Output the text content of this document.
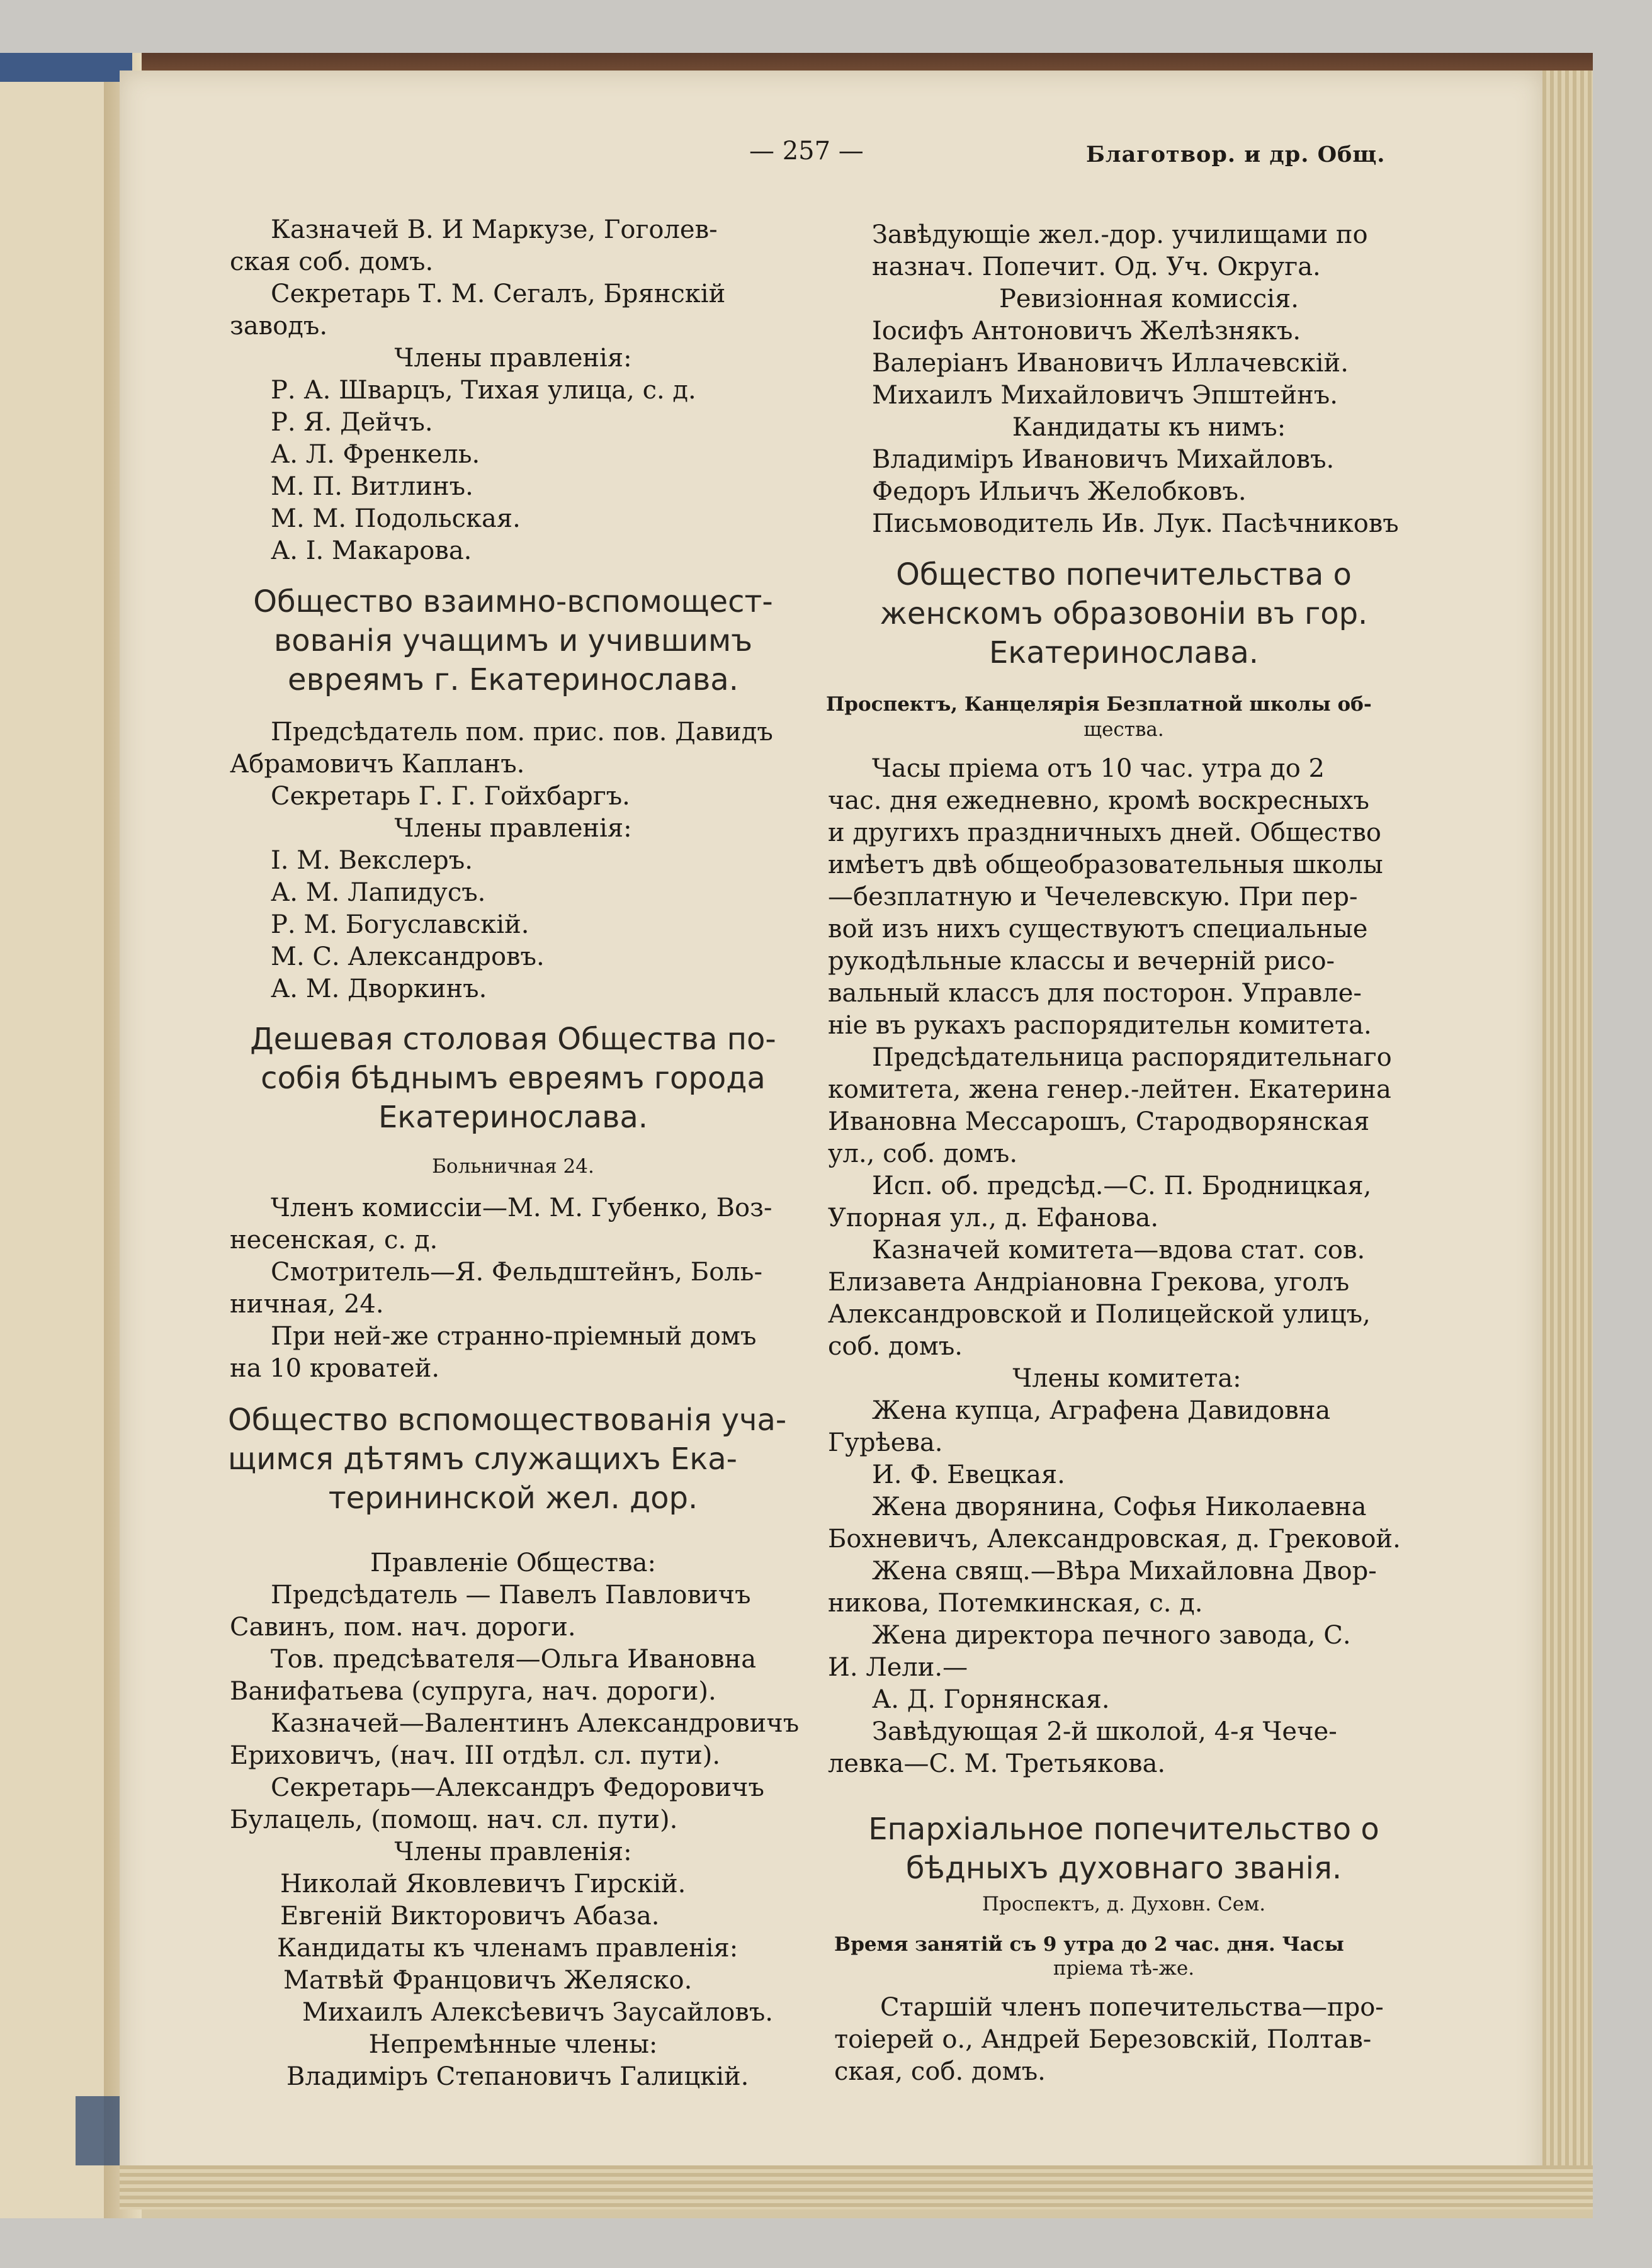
— 257 —	Благотвор. и др. Общ.
Казначей В. И Маркузе, Гоголев-
ская соб. домъ.
Секретарь Т. М. Сегалъ, Брянскiй
заводъ.
Члены правленiя:
Р. А. Шварцъ, Тихая улица, с. д.
Р. Я. Дейчъ.
А. Л. Френкель.
М. П. Витлинъ.
М. М. Подольская.
А. I. Макарова.
Общество взаимно-вспомощест-
вованiя учащимъ и учившимъ
евреямъ г. Екатеринослава.
Предсѣдатель пом. прис. пов. Давидъ
Абрамовичъ Капланъ.
Секретарь Г. Г. Гойхбаргъ.
Члены правленiя:
I. М. Векслеръ.
А. М. Лапидусъ.
Р. М. Богуславскiй.
М. С. Александровъ.
А. М. Дворкинъ.
Дешевая столовая Общества по-
собiя бѣднымъ евреямъ города
Екатеринослава.
Больничная 24.
Членъ комиссiи—М. М. Губенко, Воз-
несенская, с. д.
Смотритель—Я. Фельдштейнъ, Боль-
ничная, 24.
При ней-же странно-прiемный домъ
на 10 кроватей.
Общество вспомоществованiя уча-
щимся дѣтямъ служащихъ Ека-
терининской жел. дор.
Правленiе Общества:
Предсѣдатель — Павелъ Павловичъ
Савинъ, пом. нач. дороги.
Тов. предсѣвателя—Ольга Ивановна
Ванифатьева (супруга, нач. дороги).
Казначей—Валентинъ Александровичъ
Ериховичъ, (нач. III отдѣл. сл. пути).
Секретарь—Александръ Федоровичъ
Булацель, (помощ. нач. сл. пути).
Члены правленiя:
Николай Яковлевичъ Гирскiй.
Евгенiй Викторовичъ Абаза.
Кандидаты къ членамъ правленiя:
Матвѣй Францовичъ Желяско.
Михаилъ Алексѣевичъ Заусайловъ.
Непремѣнные члены:
Владимiръ Степановичъ Галицкiй.
Завѣдующiе жел.-дор. училищами по
назнач. Попечит. Од. Уч. Округа.
Ревизiонная комиссiя.
Iосифъ Антоновичъ Желѣзнякъ.
Валерiанъ Ивановичъ Иллачевскiй.
Михаилъ Михайловичъ Эпштейнъ.
Кандидаты къ нимъ:
Владимiръ Ивановичъ Михайловъ.
Федоръ Ильичъ Желобковъ.
Письмоводитель Ив. Лук. Пасѣчниковъ
Общество попечительства о
женскомъ образовонiи въ гор.
Екатеринослава.
Проспектъ, Канцелярiя Безплатной школы об-
щества.
Часы прiема отъ 10 час. утра до 2
час. дня ежедневно, кромѣ воскресныхъ
и другихъ праздничныхъ дней. Общество
имѣетъ двѣ общеобразовательныя школы
—безплатную и Чечелевскую. При пер-
вой изъ нихъ существуютъ специальные
рукодѣльные классы и вечернiй рисо-
вальный классъ для посторон. Управле-
нiе въ рукахъ распорядительн комитета.
Предсѣдательница распорядительнаго
комитета, жена генер.-лейтен. Екатерина
Ивановна Мессарошъ, Стародворянская
ул., соб. домъ.
Исп. об. предсѣд.—С. П. Бродницкая,
Упорная ул., д. Ефанова.
Казначей комитета—вдова стат. сов.
Елизавета Андрiановна Грекова, уголъ
Александровской и Полицейской улицъ,
соб. домъ.
Члены комитета:
Жена купца, Аграфена Давидовна
Гурѣева.
И. Ф. Евецкая.
Жена дворянина, Софья Николаевна
Бохневичъ, Александровская, д. Грековой.
Жена свящ.—Вѣра Михайловна Двор-
никова, Потемкинская, с. д.
Жена директора печного завода, С.
И. Лели.—
А. Д. Горнянская.
Завѣдующая 2-й школой, 4-я Чече-
левка—С. М. Третьякова.
Епархiальное попечительство о
бѣдныхъ духовнаго званiя.
Проспектъ, д. Духовн. Сем.
Время занятiй съ 9 утра до 2 час. дня. Часы
прiема тѣ-же.
Старшiй членъ попечительства—про-
тоiерей о., Андрей Березовскiй, Полтав-
ская, соб. домъ.
